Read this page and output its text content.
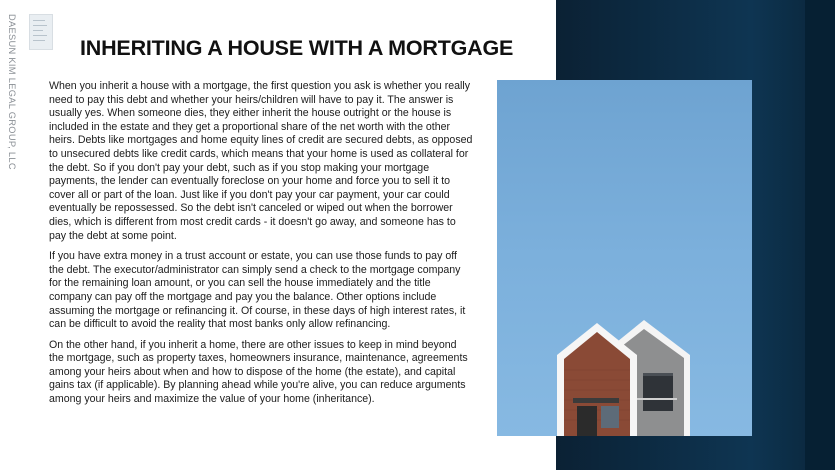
DAESUN KIM LEGAL GROUP, LLC	INHERITING A HOUSE WITH A MORTGAGE

When you inherit a house with a mortgage, the first question you ask is whether you really need to pay this debt and whether your heirs/children will have to pay it. The answer is usually yes. When someone dies, they either inherit the house outright or the house is included in the estate and they get a proportional share of the net worth with the other heirs. Debts like mortgages and home equity lines of credit are secured debts, as opposed to unsecured debts like credit cards, which means that your home is used as collateral for the debt. So if you don't pay your debt, such as if you stop making your mortgage payments, the lender can eventually foreclose on your home and force you to sell it to cover all or part of the loan. Just like if you don't pay your car payment, your car could eventually be repossessed. So the debt isn't canceled or wiped out when the borrower dies, which is different from most credit cards - it doesn't go away, and someone has to pay the debt at some point.

If you have extra money in a trust account or estate, you can use those funds to pay off the debt. The executor/administrator can simply send a check to the mortgage company for the remaining loan amount, or you can sell the house immediately and the title company can pay off the mortgage and pay you the balance. Other options include assuming the mortgage or refinancing it. Of course, in these days of high interest rates, it can be difficult to avoid the reality that most banks only allow refinancing.

On the other hand, if you inherit a home, there are other issues to keep in mind beyond the mortgage, such as property taxes, homeowners insurance, maintenance, agreements among your heirs about when and how to dispose of the home (the estate), and capital gains tax (if applicable). By planning ahead while you're alive, you can reduce arguments among your heirs and maximize the value of your home (inheritance).
